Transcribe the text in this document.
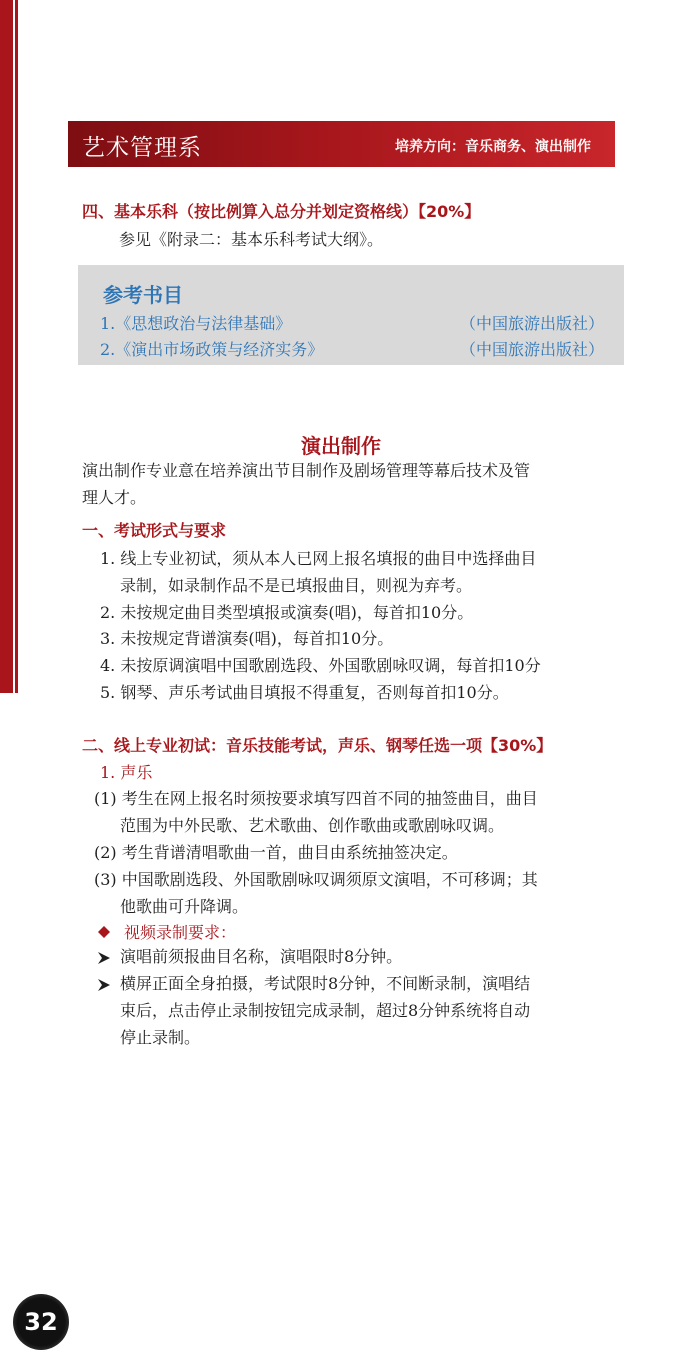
艺术管理系	培养方向：音乐商务、演出制作
四、基本乐科（按比例算入总分并划定资格线）【20%】
参见《附录二：基本乐科考试大纲》。
参考书目
1.《思想政治与法律基础》	（中国旅游出版社）
2.《演出市场政策与经济实务》	（中国旅游出版社）
演出制作
演出制作专业意在培养演出节目制作及剧场管理等幕后技术及管
理人才。
一、考试形式与要求
1. 线上专业初试，须从本人已网上报名填报的曲目中选择曲目
录制，如录制作品不是已填报曲目，则视为弃考。
2. 未按规定曲目类型填报或演奏(唱)，每首扣10分。
3. 未按规定背谱演奏(唱)，每首扣10分。
4. 未按原调演唱中国歌剧选段、外国歌剧咏叹调，每首扣10分
5. 钢琴、声乐考试曲目填报不得重复，否则每首扣10分。
二、线上专业初试：音乐技能考试，声乐、钢琴任选一项【30%】
1. 声乐
(1) 考生在网上报名时须按要求填写四首不同的抽签曲目，曲目
范围为中外民歌、艺术歌曲、创作歌曲或歌剧咏叹调。
(2) 考生背谱清唱歌曲一首，曲目由系统抽签决定。
(3) 中国歌剧选段、外国歌剧咏叹调须原文演唱，不可移调；其
他歌曲可升降调。
视频录制要求：
演唱前须报曲目名称，演唱限时8分钟。
横屏正面全身拍摄，考试限时8分钟，不间断录制，演唱结
束后，点击停止录制按钮完成录制，超过8分钟系统将自动
停止录制。
32
